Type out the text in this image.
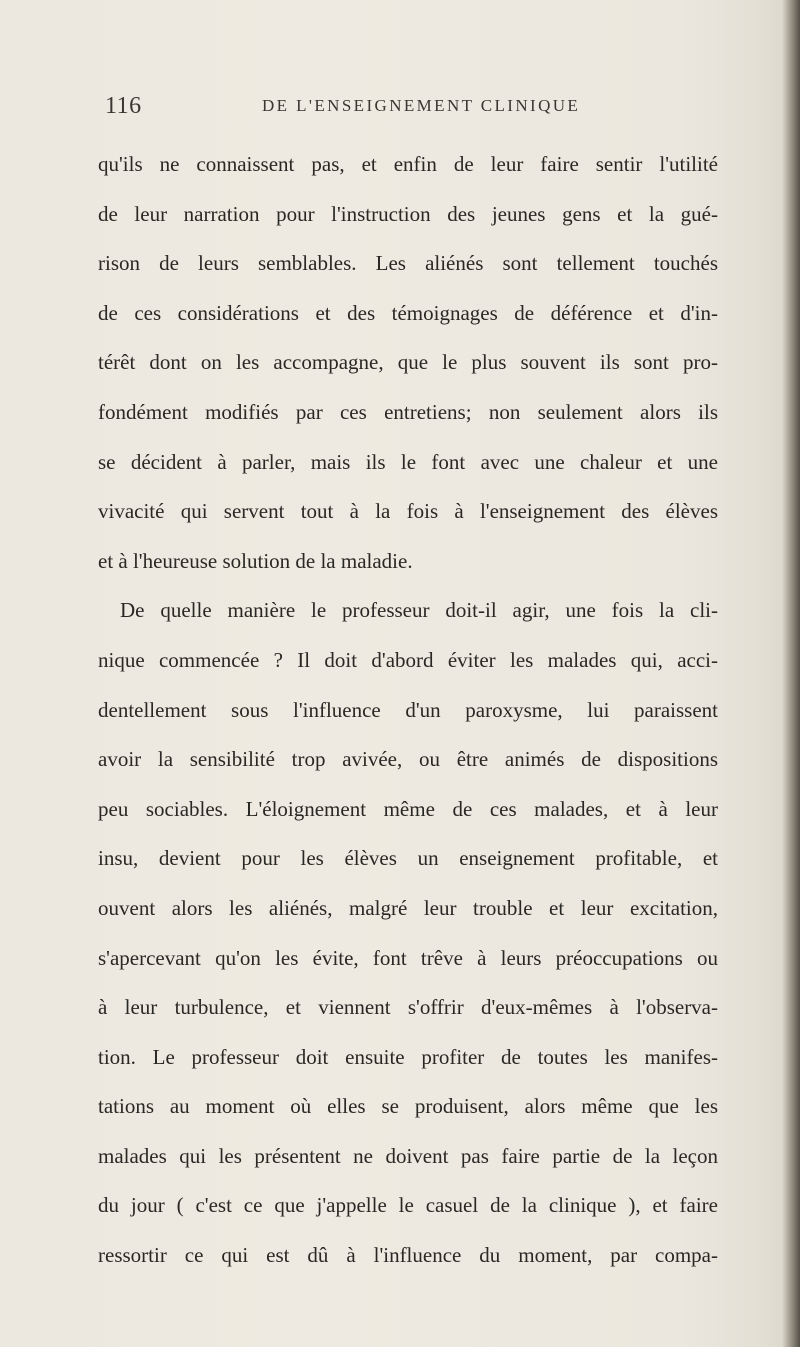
116	DE L'ENSEIGNEMENT CLINIQUE
qu'ils ne connaissent pas, et enfin de leur faire sentir l'utilité
de leur narration pour l'instruction des jeunes gens et la gué-
rison de leurs semblables. Les aliénés sont tellement touchés
de ces considérations et des témoignages de déférence et d'in-
térêt dont on les accompagne, que le plus souvent ils sont pro-
fondément modifiés par ces entretiens; non seulement alors ils
se décident à parler, mais ils le font avec une chaleur et une
vivacité qui servent tout à la fois à l'enseignement des élèves
et à l'heureuse solution de la maladie.
De quelle manière le professeur doit-il agir, une fois la cli-
nique commencée ? Il doit d'abord éviter les malades qui, acci-
dentellement sous l'influence d'un paroxysme, lui paraissent
avoir la sensibilité trop avivée, ou être animés de dispositions
peu sociables. L'éloignement même de ces malades, et à leur
insu, devient pour les élèves un enseignement profitable, et
ouvent alors les aliénés, malgré leur trouble et leur excitation,
s'apercevant qu'on les évite, font trêve à leurs préoccupations ou
à leur turbulence, et viennent s'offrir d'eux-mêmes à l'observa-
tion. Le professeur doit ensuite profiter de toutes les manifes-
tations au moment où elles se produisent, alors même que les
malades qui les présentent ne doivent pas faire partie de la leçon
du jour ( c'est ce que j'appelle le casuel de la clinique ), et faire
ressortir ce qui est dû à l'influence du moment, par compa-
